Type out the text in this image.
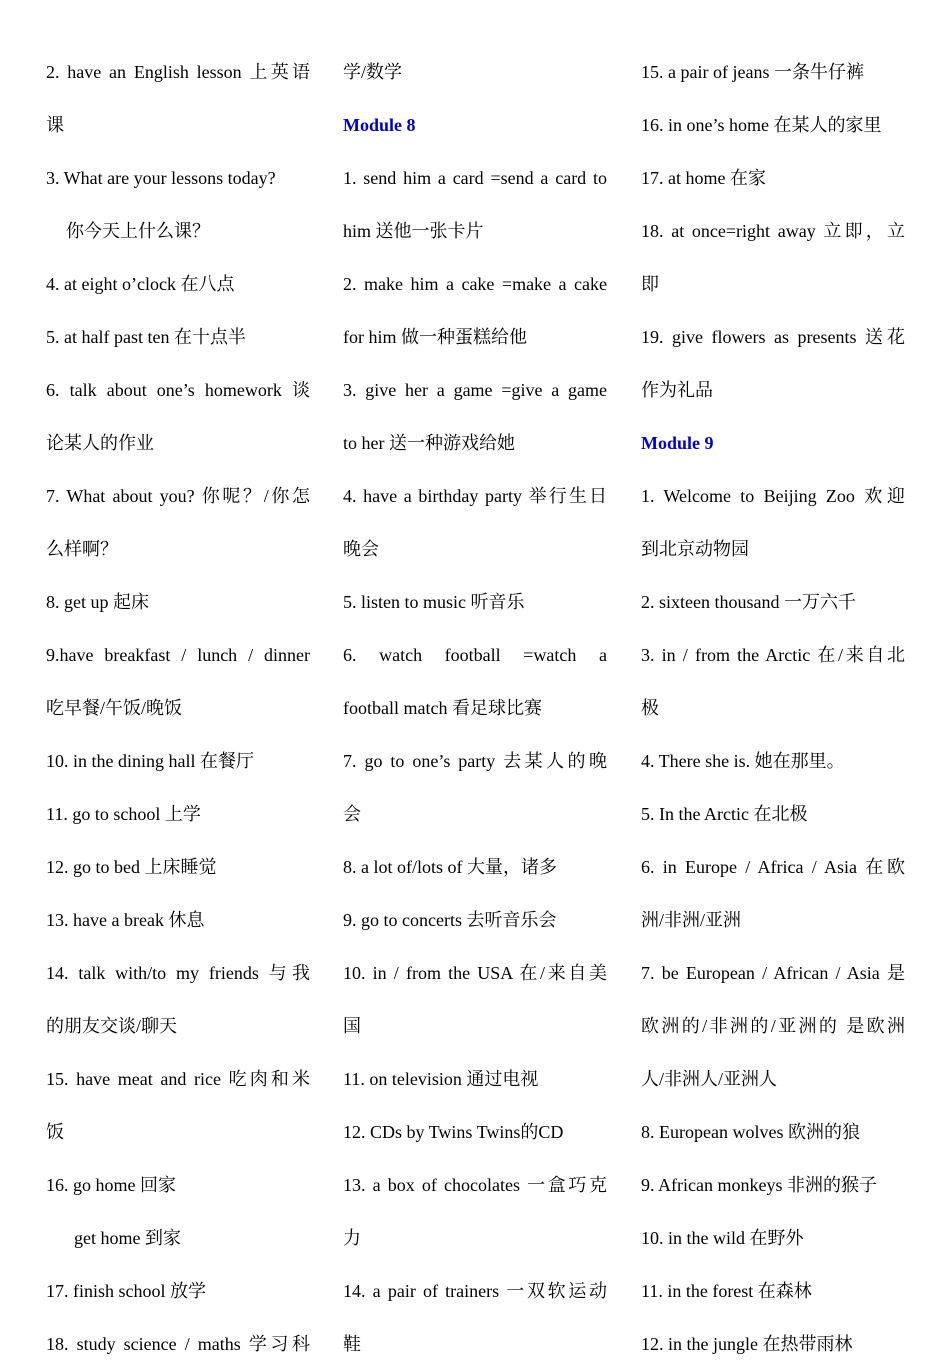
2. have an English lesson 上英语

课

3. What are your lessons today?

你今天上什么课？

4. at eight o’clock 在八点

5. at half past ten 在十点半

6. talk about one’s homework 谈

论某人的作业

7. What about you? 你呢？/你怎

么样啊？

8. get up 起床

9.have breakfast / lunch / dinner

吃早餐/午饭/晚饭

10. in the dining hall 在餐厅

11. go to school 上学

12. go to bed 上床睡觉

13. have a break 休息

14. talk with/to my friends 与我

的朋友交谈/聊天

15. have meat and rice 吃肉和米

饭

16. go home 回家

get home 到家

17. finish school 放学

18. study science / maths 学习科

学/数学

Module 8

1. send him a card =send a card to

him 送他一张卡片

2. make him a cake =make a cake

for him 做一种蛋糕给他

3. give her a game =give a game

to her 送一种游戏给她

4. have a birthday party 举行生日

晚会

5. listen to music 听音乐

6. watch football =watch a

football match 看足球比赛

7. go to one’s party 去某人的晚

会

8. a lot of/lots of 大量，诸多

9. go to concerts 去听音乐会

10. in / from the USA 在/来自美

国

11. on television 通过电视

12. CDs by Twins Twins的CD

13. a box of chocolates 一盒巧克

力

14. a pair of trainers 一双软运动

鞋

15. a pair of jeans 一条牛仔裤

16. in one’s home 在某人的家里

17. at home 在家

18. at once=right away 立即，立

即

19. give flowers as presents 送花

作为礼品

Module 9

1. Welcome to Beijing Zoo 欢迎

到北京动物园

2. sixteen thousand 一万六千

3. in / from the Arctic 在/来自北

极

4. There she is. 她在那里。

5. In the Arctic 在北极

6. in Europe / Africa / Asia 在欧

洲/非洲/亚洲

7. be European / African / Asia 是

欧洲的/非洲的/亚洲的 是欧洲

人/非洲人/亚洲人

8. European wolves 欧洲的狼

9. African monkeys 非洲的猴子

10. in the wild 在野外

11. in the forest 在森林

12. in the jungle 在热带雨林
